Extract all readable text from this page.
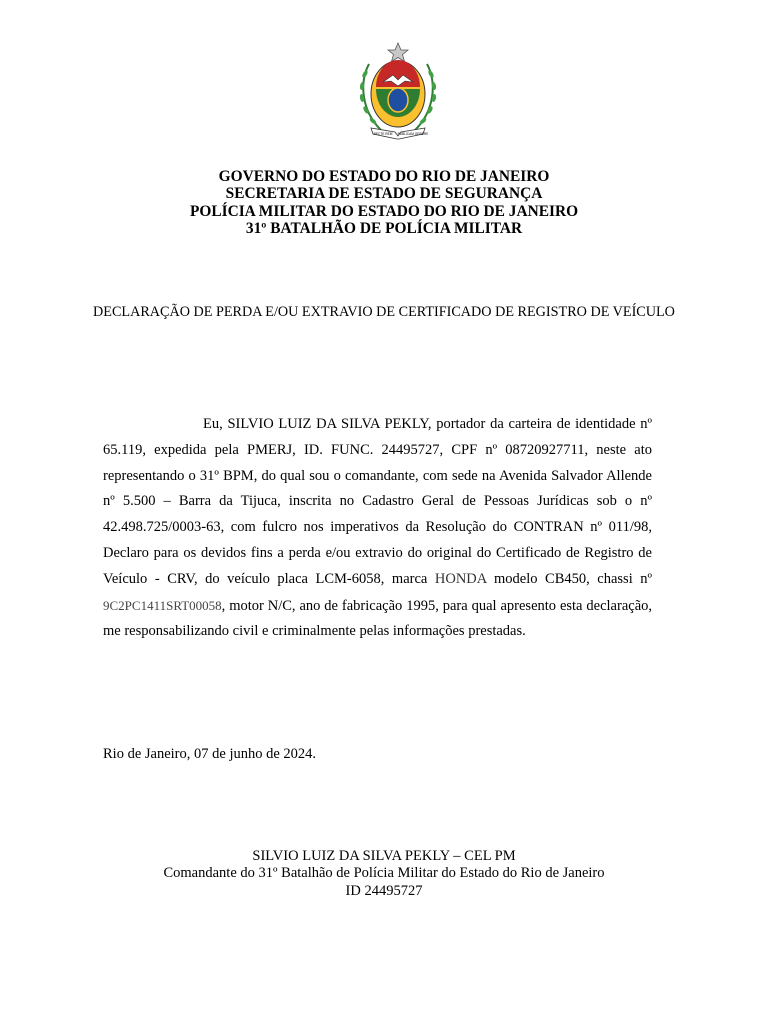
RECTE REM PUBLICAM GERERE
GOVERNO DO ESTADO DO RIO DE JANEIRO
SECRETARIA DE ESTADO DE SEGURANÇA
POLÍCIA MILITAR DO ESTADO DO RIO DE JANEIRO
31º BATALHÃO DE POLÍCIA MILITAR
DECLARAÇÃO DE PERDA E/OU EXTRAVIO DE CERTIFICADO DE REGISTRO DE VEÍCULO

Eu, SILVIO LUIZ DA SILVA PEKLY, portador da carteira de identidade nº 65.119, expedida pela PMERJ, ID. FUNC. 24495727, CPF nº 08720927711, neste ato representando o 31º BPM, do qual sou o comandante, com sede na Avenida Salvador Allende nº 5.500 – Barra da Tijuca, inscrita no Cadastro Geral de Pessoas Jurídicas sob o nº 42.498.725/0003-63, com fulcro nos imperativos da Resolução do CONTRAN nº 011/98, Declaro para os devidos fins a perda e/ou extravio do original do Certificado de Registro de Veículo - CRV, do veículo placa LCM-6058, marca HONDA modelo CB450, chassi nº 9C2PC1411SRT00058, motor N/C, ano de fabricação 1995, para qual apresento esta declaração, me responsabilizando civil e criminalmente pelas informações prestadas.

Rio de Janeiro, 07 de junho de 2024.
SILVIO LUIZ DA SILVA PEKLY – CEL PM
Comandante do 31º Batalhão de Polícia Militar do Estado do Rio de Janeiro
ID 24495727
